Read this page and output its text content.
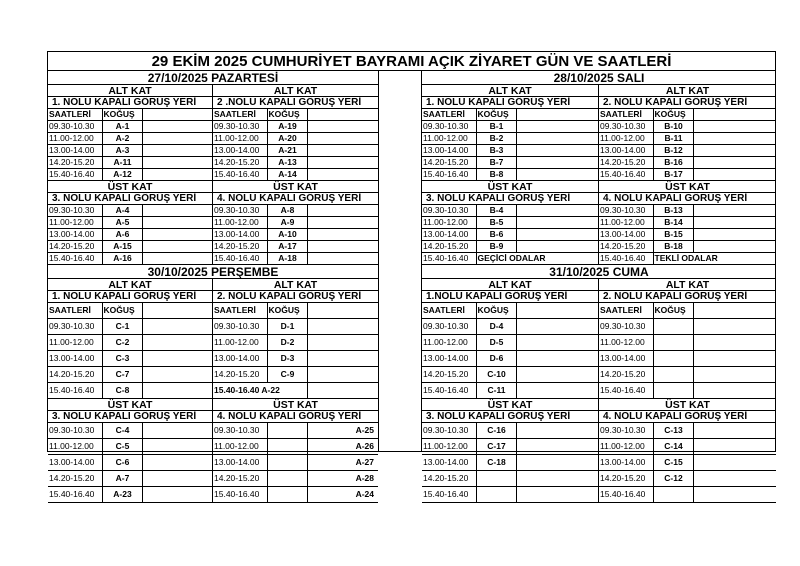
29 EKİM 2025 CUMHURİYET BAYRAMI AÇIK ZİYARET GÜN VE SAATLERİ
27/10/2025 PAZARTESİ
ALT KAT
1. NOLU KAPALI GÖRÜŞ YERİ
SAATLERİ	KOĞUŞ	
09.30-10.30	A-1	
11.00-12.00	A-2	
13.00-14.00	A-3	
14.20-15.20	A-11	
15.40-16.40	A-12	
ALT KAT
2 .NOLU KAPALI GÖRÜŞ YERİ
SAATLERİ	KOĞUŞ	
09.30-10.30	A-19	
11.00-12.00	A-20	
13.00-14.00	A-21	
14.20-15.20	A-13	
15.40-16.40	A-14	
ÜST KAT
3. NOLU KAPALI GÖRÜŞ YERİ
09.30-10.30	A-4	
11.00-12.00	A-5	
13.00-14.00	A-6	
14.20-15.20	A-15	
15.40-16.40	A-16	
ÜST KAT
4. NOLU KAPALI GÖRÜŞ YERİ
09.30-10.30	A-8	
11.00-12.00	A-9	
13.00-14.00	A-10	
14.20-15.20	A-17	
15.40-16.40	A-18	
30/10/2025 PERŞEMBE
ALT KAT
1. NOLU KAPALI GÖRÜŞ YERİ
SAATLERİ	KOĞUŞ	
09.30-10.30	C-1	
11.00-12.00	C-2	
13.00-14.00	C-3	
14.20-15.20	C-7	
15.40-16.40	C-8	
ALT KAT
2. NOLU KAPALI GÖRÜŞ YERİ
SAATLERİ	KOĞUŞ	
09.30-10.30	D-1	
11.00-12.00	D-2	
13.00-14.00	D-3	
14.20-15.20	C-9	
15.40-16.40 A-22		
ÜST KAT
3. NOLU KAPALI GÖRÜŞ YERİ
09.30-10.30	C-4	
11.00-12.00	C-5	
13.00-14.00	C-6	
14.20-15.20	A-7	
15.40-16.40	A-23	
ÜST KAT
4. NOLU KAPALI GÖRÜŞ YERİ
09.30-10.30		A-25
11.00-12.00		A-26
13.00-14.00		A-27
14.20-15.20		A-28
15.40-16.40		A-24
28/10/2025 SALI
ALT KAT
1. NOLU KAPALI GÖRÜŞ YERİ
SAATLERİ	KOĞUŞ	
09.30-10.30	B-1	
11.00-12.00	B-2	
13.00-14.00	B-3	
14.20-15.20	B-7	
15.40-16.40	B-8	
ALT KAT
2. NOLU KAPALI GÖRÜŞ YERİ
SAATLERİ	KOĞUŞ	
09.30-10.30	B-10	
11.00-12.00	B-11	
13.00-14.00	B-12	
14.20-15.20	B-16	
15.40-16.40	B-17	
ÜST KAT
3. NOLU KAPALI GÖRÜŞ YERİ
09.30-10.30	B-4	
11.00-12.00	B-5	
13.00-14.00	B-6	
14.20-15.20	B-9	
15.40-16.40	GEÇİCİ ODALAR	
ÜST KAT
4. NOLU KAPALI GÖRÜŞ YERİ
09.30-10.30	B-13	
11.00-12.00	B-14	
13.00-14.00	B-15	
14.20-15.20	B-18	
15.40-16.40	TEKLİ ODALAR	
31/10/2025 CUMA
ALT KAT
1.NOLU KAPALI GÖRÜŞ YERİ
SAATLERİ	KOĞUŞ	
09.30-10.30	D-4	
11.00-12.00	D-5	
13.00-14.00	D-6	
14.20-15.20	C-10	
15.40-16.40	C-11	
ALT KAT
2. NOLU KAPALI GÖRÜŞ YERİ
SAATLERİ	KOĞUŞ	
09.30-10.30		
11.00-12.00		
13.00-14.00		
14.20-15.20		
15.40-16.40		
ÜST KAT
3. NOLU KAPALI GÖRÜŞ YERİ
09.30-10.30	C-16	
11.00-12.00	C-17	
13.00-14.00	C-18	
14.20-15.20		
15.40-16.40		
ÜST KAT
4. NOLU KAPALI GÖRÜŞ YERİ
09.30-10.30	C-13	
11.00-12.00	C-14	
13.00-14.00	C-15	
14.20-15.20	C-12	
15.40-16.40		
